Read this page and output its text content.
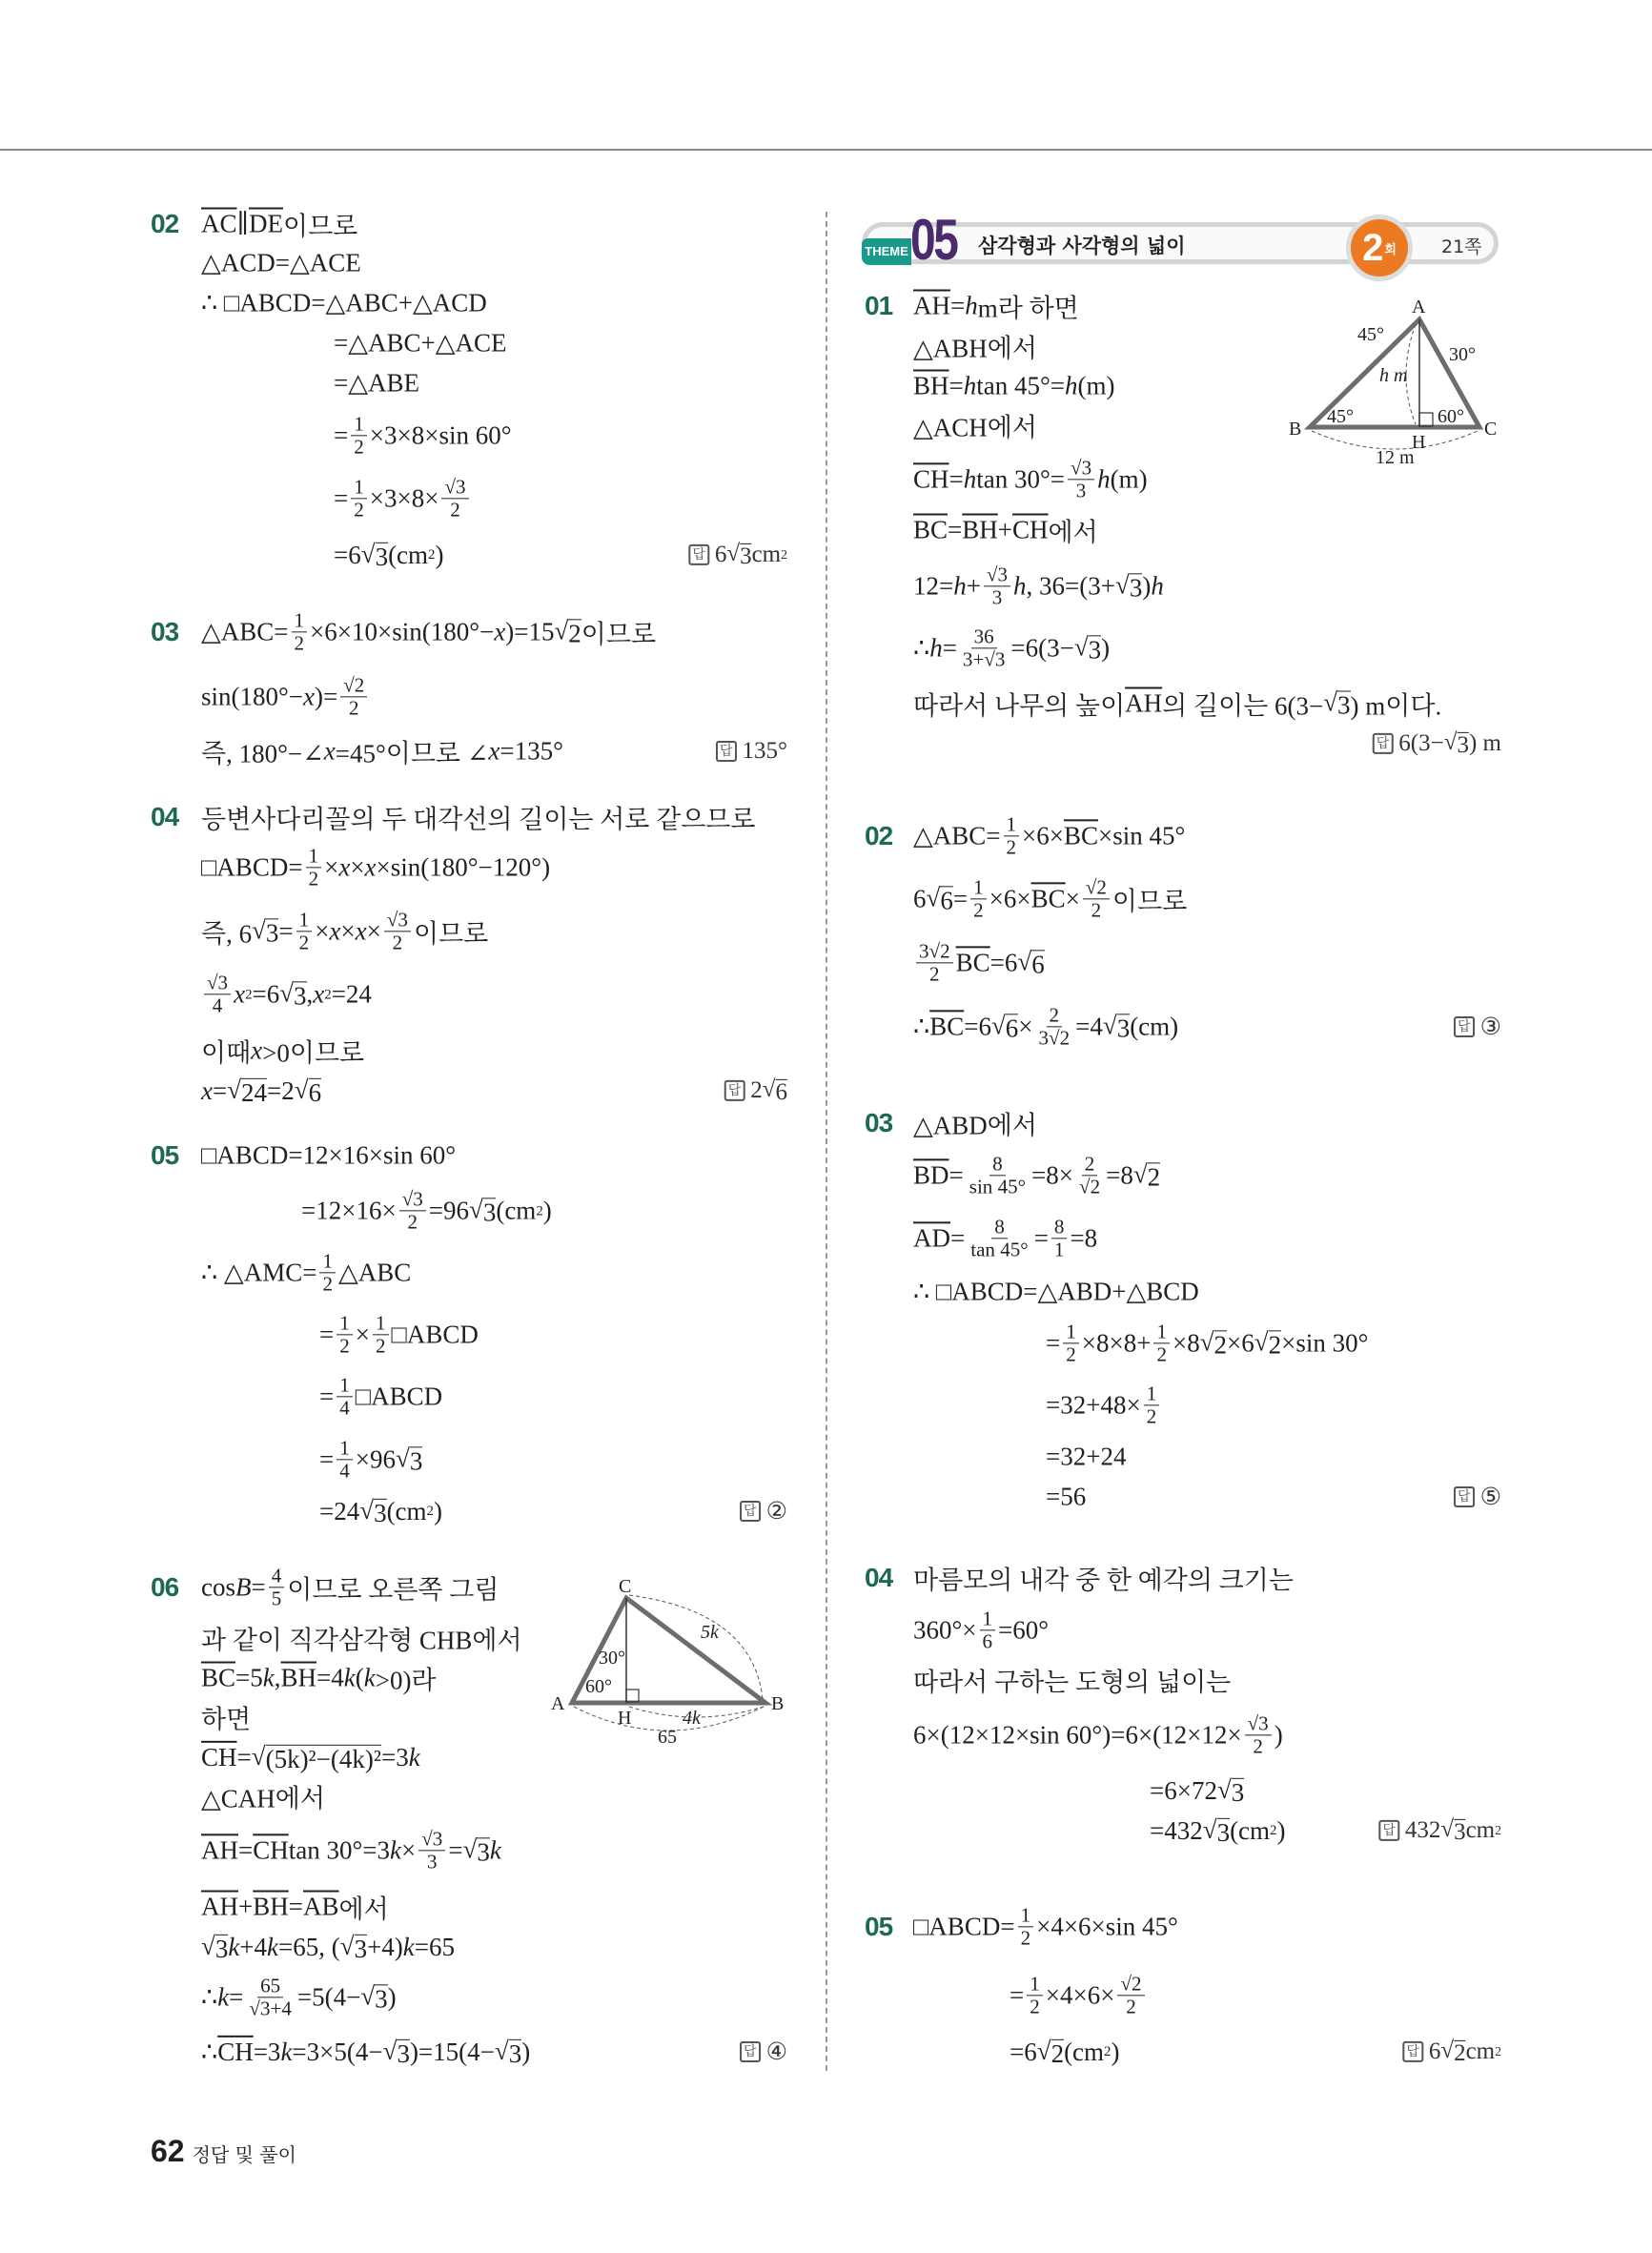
THEME 05 삼각형과 사각형의 넓이	2 회 21쪽
02 $\overline{AC}$ ∥ $\overline{DE}$ 이므로
△ACD=△ACE
∴ □ABCD=△ABC+△ACD
=△ABC+△ACE
=△ABE
= $\frac{1}{2} \times 3\times 8\times\sin$ 60°
= $\frac{1}{2} \times 3\times 8\times \frac{√3}{2}$
=6 √ 3 (cm 2 )	답 6 √ 3 cm 2
03 △ABC= $\frac{1}{2} \times 6\times 10\times\sin(180^\circ- x$ )=15 √ 2 이므로
sin(180°− x )= $\frac{√2}{2}$
즉, 180°−∠ x =45°이므로 ∠ x =135°	답 135°
04 등변사다리꼴의 두 대각선의 길이는 서로 같으므로
□ABCD= $\frac{1}{2} \times x \times x \times\sin(180^\circ-120^\circ)$
즉, 6 √ $3 = \frac{1}{2} \times x \times x \times \frac{√3}{2}$ 이므로
$\frac{√3}{4}$ x 2 =6 √ 3 , x 2 =24
이때 x >0이므로
x = √ 24 =2 √ 6	답 2 √ 6
05 □ABCD=12×16×sin 60°
$=12\times 16\times \frac{√3}{2} =96$ √ 3 (cm 2 )
∴ △AMC= $\frac{1}{2}$ △ABC
= $\frac{1}{2} \times \frac{1}{2}$ □ABCD
= $\frac{1}{4}$ □ABCD
= $\frac{1}{4} \times 96$ √ 3
=24 √ 3 (cm 2 )	답 ②
06 $\cos B = \frac{4}{5}$ 이므로 오른쪽 그림
과 같이 직각삼각형 CHB에서
$\overline{BC} =5$ k , $\overline{BH} =4$ k ( k >0)라
하면
$\overline{CH}$ = √ (5k)²−(4k)² =3 k
△CAH에서
$\overline{AH} = \overline{CH}$ tan 30°=3 $k \times \frac{√3}{3}$ = √ 3 k
$\overline{AH} + \overline{BH} = \overline{AB}$ 에서
√ 3 k +4 k =65, ( √ 3 +4) k =65
∴ $k = \frac{65}{√3+4} =5(4-$ √ 3 )
∴ $\overline{CH} =3$ k =3×5(4− √ 3 )=15(4− √ 3 )	답 ④
01 $\overline{AH} = h$ m라 하면
△ABH에서
$\overline{BH} = h$ tan 45°= h (m)
△ACH에서
$\overline{CH} = h$ $\tan 30^\circ= \frac{√3}{3}$ h (m)
$\overline{BC} = \overline{BH} + \overline{CH}$ 에서
$12= h + \frac{√3}{3}$ h , 36=(3+ √ 3 ) h
∴ $h = \frac{36}{3+√3} =6(3-$ √ 3 )
따라서 나무의 높이 $\overline{AH}$ 의 길이는 6(3− √ 3 ) m이다.
답 6(3− √ 3 ) m
02 △ABC= $\frac{1}{2} \times 6\times \overline{BC} \times\sin$ 45°
6 √ $6 = \frac{1}{2} \times 6\times \overline{BC} \times \frac{√2}{2}$ 이므로
$\frac{3√2}{2} \overline{BC} =6$ √ 6
∴ $\overline{BC} =6$ √ $6 \times \frac{2}{3√2} =4$ √ 3 (cm)	답 ③
03 △ABD에서
$\overline{BD} = \frac{8}{\sin 45^\circ} =8\times \frac{2}{√2} =8$ √ 2
$\overline{AD} = \frac{8}{\tan 45^\circ} = \frac{8}{1} =8$
∴ □ABCD=△ABD+△BCD
= $\frac{1}{2} \times 8\times 8+ \frac{1}{2} \times 8$ √ 2 ×6 √ 2 ×sin 30°
$=32+48\times \frac{1}{2}$
=32+24
=56	답 ⑤
04 마름모의 내각 중 한 예각의 크기는
$360^\circ\times \frac{1}{6} =60^\circ$
따라서 구하는 도형의 넓이는
6×(12×12×sin $60^\circ)=6\times(12\times 12\times \frac{√3}{2}$ )
=6×72 √ 3
=432 √ 3 (cm 2 )	답 432 √ 3 cm 2
05 □ABCD= $\frac{1}{2} \times 4\times 6\times\sin$ 45°
= $\frac{1}{2} \times 4\times 6\times \frac{√2}{2}$
=6 √ 2 (cm 2 )	답 6 √ 2 cm 2
A
B	C
H
45°
30°
h m
45°	60°
12 m
C
A	B
H
5k
4k
65
30°
60°
62 정답 및 풀이
